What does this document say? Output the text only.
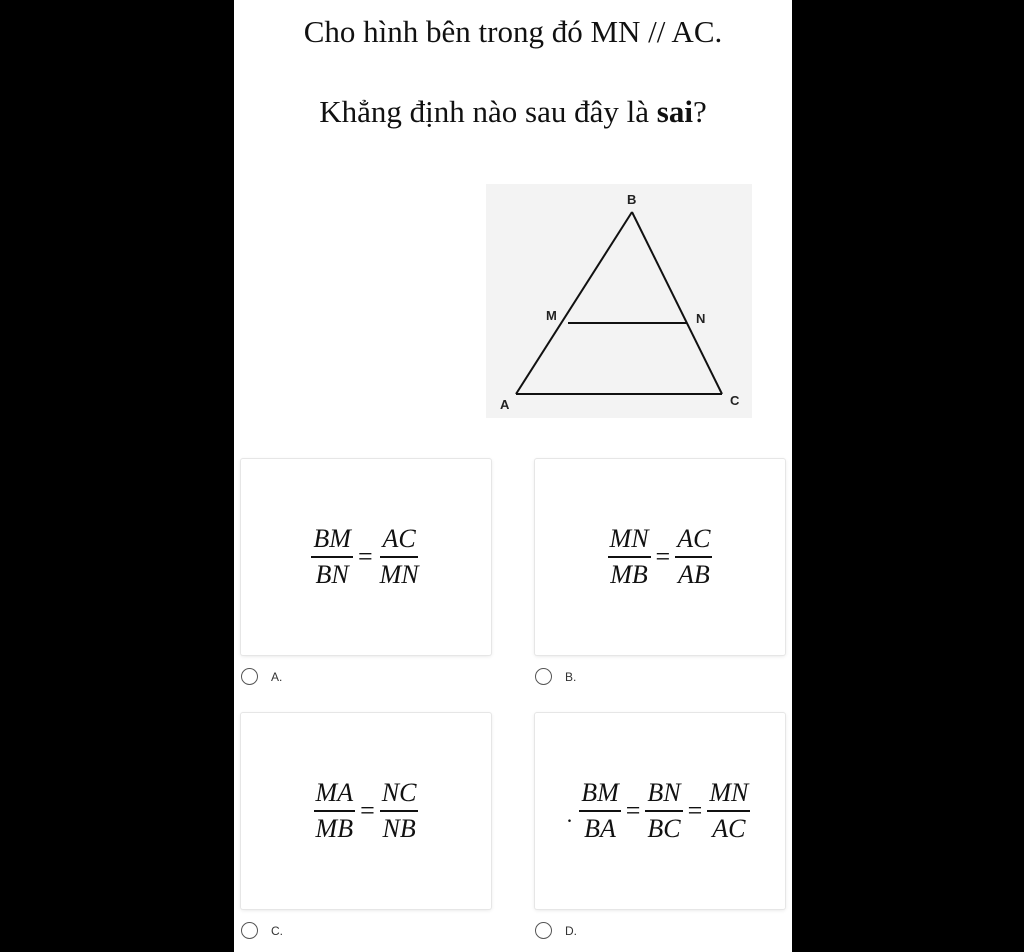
Cho hình bên trong đó MN // AC.
Khẳng định nào sau đây là sai?
B
M	N
A	C
$\frac{BM}{BN} = \frac{AC}{MN}$
A.
$\frac{MN}{MB} = \frac{AC}{AB}$
B.
$\frac{MA}{MB} = \frac{NC}{NB}$
C.
. $\frac{BM}{BA} = \frac{BN}{BC} = \frac{MN}{AC}$
D.
